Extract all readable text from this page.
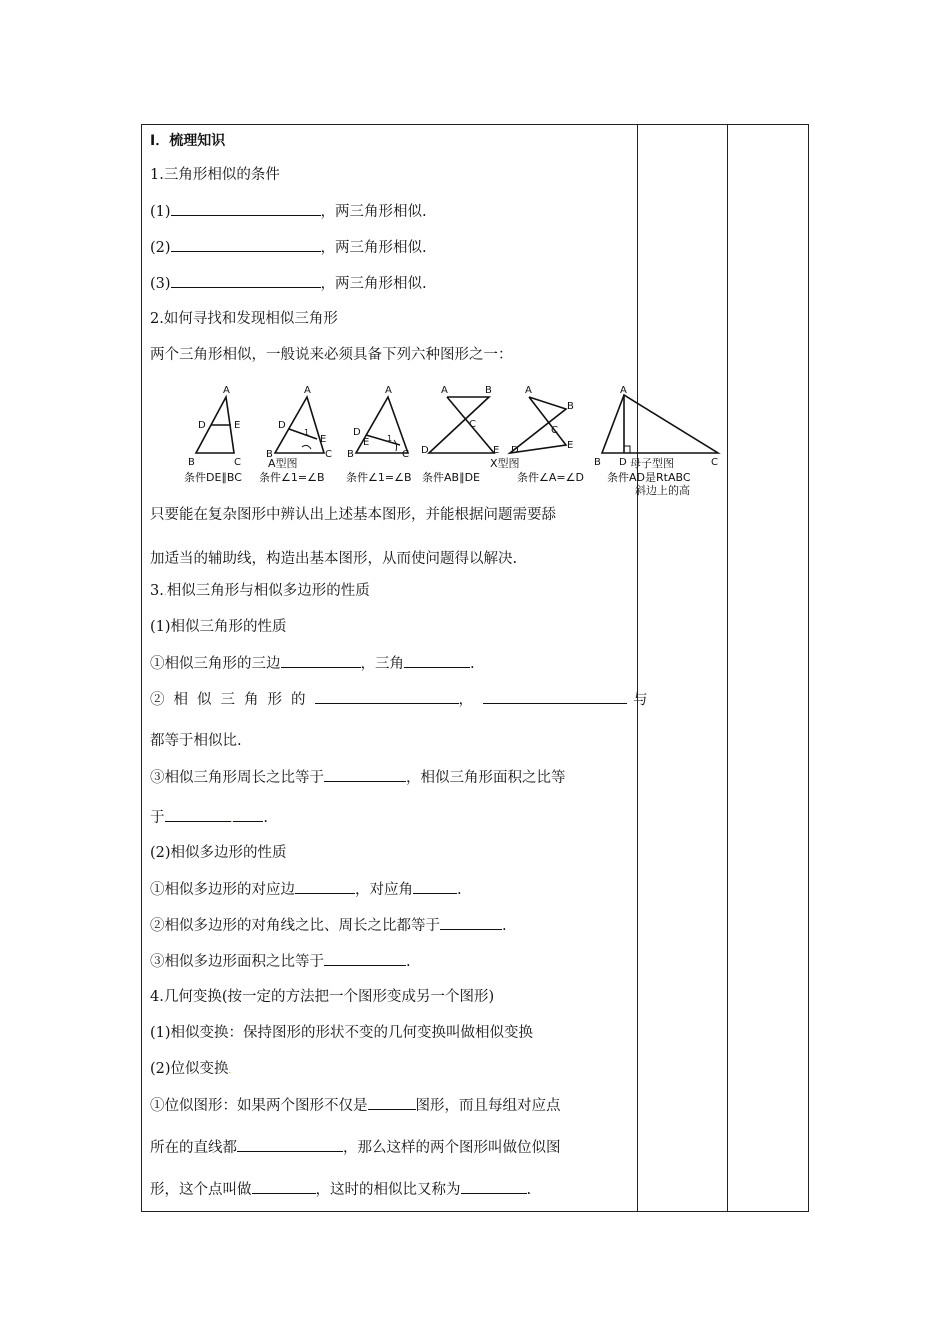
Ⅰ．梳理知识
1.三角形相似的条件
(1)	，两三角形相似.
(2)	，两三角形相似.
(3)	，两三角形相似.
2.如何寻找和发现相似三角形
两个三角形相似，一般说来必须具备下列六种图形之一：
A
D	E
B	C
A
D
1
E
B	C
A
D
E 1
B	C
A	B
C
D	E
A
B
C
D	E
A
B D	C
A型图	X型图	母子型图
条件DE∥BC 条件∠1=∠B 条件∠1=∠B 条件AB∥DE	条件∠A=∠D 条件AD是RtABC
斜边上的高
只要能在复杂图形中辨认出上述基本图形，并能根据问题需要舔
加适当的辅助线，构造出基本图形，从而使问题得以解决.
3..相似三角形与相似多边形的性质
(1)相似三角形的性质
①相似三角形的三边	，三角	.
②相似三角形的	，	与
都等于相似比.
③相似三角形周长之比等于	，相似三角形面积之比等
于	. .
(2)相似多边形的性质
①相似多边形的对应边	，对应角	.
②相似多边形的对角线之比、周长之比都等于	.
③相似多边形面积之比等于	.
4.几何变换(按一定的方法把一个图形变成另一个图形)
(1)相似变换：保持图形的形状不变的几何变换叫做相似变换
(2)位似变换.
①位似图形：如果两个图形不仅是	图形，而且每组对应点
所在的直线都	，那么这样的两个图形叫做位似图
形，这个点叫做	，这时的相似比又称为	.
